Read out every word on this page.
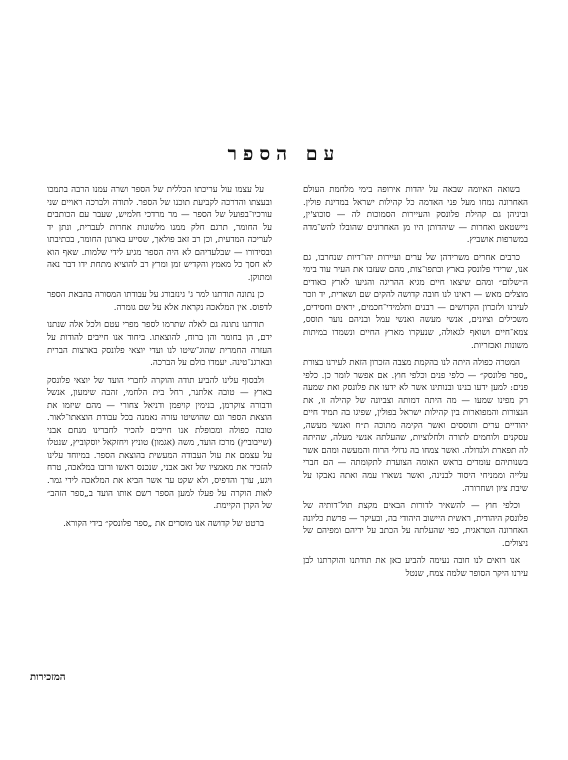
עם הספר

בשואה האיומה שבאה על יהדות אירופה בימי מלחמת העולם האחרונה נמחו מעל פני האדמה כל קהילות ישראל במדינת פולין. וביניהן גם קהילת פלונסק והעיירות הסמוכות לה — סוכוצ'ין, ניישטאט ואחרות — שיהדותן היו מן האחרונים שהובלו להש־מדה במשרפות אושביץ.

כרבים אחרים משרידהן של ערים ועיירות יהו־דיות שנחרבו, גם אנו, שרידי פלונסק בארץ ובתפו־צות, מהם שעזבו את העיר עוד בימי ה״שלום״ ומהם שיצאו חיים מגיא ההריגה והגיעו לארץ כאודים מוצלים מאש — ראינו לנו חובה קדושה להקים שם ושארית, יד וזכר לעירנו ולזכרון הקדושים — רבנים ותלמידי־חכמים, יראים וחסידים, משכילים וציונים, אנשי מעשה ואנשי עמל ובניהם נוער תוסס, צמא־חיים ושואף לגאולה, שנעקרו מארץ החיים ונשמדו במיתות משונות ואכזריות.

המטרה כפולה היתה לנו בהקמת מצבה הזכרון הזאת לעירנו בצורת „ספר פלונסק״ — כלפי פנים וכלפי חוץ. אם אפשר לומר כן. כלפי פנים: למען ידעו בנינו ובנותינו אשר לא ידעו את פלונסק ואת שמעה רק מפינו שמעו — מה היתה דמותה וצביונה של קהילה זו, את הנצורות והמפוארות בין קהילות ישראל בפולין, שפיגו בה תמיד חיים יהודיים ערים ותוססים ואשר הקימה מתוכה ת״ח ואנשי מעשה, עסקנים ולוחמים לתורה ולחלוציות, שהעלתה אנשי מעלה, שהיתה לה תפארת ולגדולה. ואשר צמחו בה גדולי הרוח והמעשה ומהם אשר בשנותיהם עומדים בראש האומה הצועדת לתקומתה — הם חברי עלייה וממניחי היסוד לבנינה, ואשר נשארו עמה ואתה נאבקו על שיבת ציון ושחרורה.

וכלפי חוץ — להשאיר לדורות הבאים מקצת תול־דותיה של פלונסק היהודית, ראשית היישוב היהודי בה, ובעיקר — פרשת כליונה האחרונה הטראגית, כפי שהעלתה על הכתב על ידיהם ומפיהם של ניצולים.

אנו רואים לנו חובה נעימה להביע כאן את תודתנו והוקרתנו לבן עירנו היקר הסופר שלמה צמח, שנטל

על עצמו עול עריכתו הכללית של הספר ושרה עמנו הרבה בתמכו ובעצתו והדרכה לקביעת תוכנו של הספר. לתודה ולברכה ראויים שני עורכיו־בפועל של הספר — מר מרדכי חלמיש, שעבר עם הכותבים על החומר, תרגם חלק ממנו מלשונות אחרות לעברית, ונתן יד לעריכה המדעית, וכן רב זאב פולאך, שסייע בארגון החומר, בכתיבתו ובסידורו — שבלעדיהם לא היה הספר מגיע לידי שלמות. שאף הוא לא חסך כל מאמץ והקדיש זמן ומרץ רב להוציא מתחת ידו דבר נאה ומתוקן.

כן נתונה תודתנו למר ג' גינזבורג על עבודתו המסורה בהבאת הספר לדפוס. אין המלאכה נקראת אלא על שם גומרה.

תודתנו נתונה גם לאלה שתרמו לספר מפרי עטם ולכל אלה שנתנו ידם, הן בחומר והן ברוח, להוצאתו. ביחוד אנו חייבים להודות על העזרה החמרית שהוג־שיטו לנו ועדי יוצאי פלונסק בארצות הברית ובארגנ־טינה. יעמדו כולם על הברכה.

ולבסוף עלינו להביע תודה והוקרה לחברי הועד של יוצאי פלונסק בארץ — טובה אלתנר, רחל בית הלחמי, זהבה שימעון, אנשל ודבורה צוקרמן, בנימין קויפמן ודניאל צחורי — מהם שיזמו את הוצאת הספר וגם שהושיטו עזרה נאמנה בכל עבודת הוצאתו־לאור. טובה כפולה ומכופלת אנו חייבים להכיר לחברינו מנחם אבני (שייבוביץ) מרכז הועד, משה (אגמון) טוניץ ויחזקאל יוסקוביץ, שנטלו על עצמם את עול העבודה המעשית בהוצאת הספר. במיוחד עלינו להזכיר את מאמציו של זאב אבני, שנכנס ראשו ורובו במלאכה, טרח ויגע, ערך והדפיס, ולא שקט עד אשר הביא את המלאכה לידי גמר. לאות הוקרה על פעלו למען הספר רשם אותו הועד ב„ספר הזהב״ של הקרן הקיימת.

ברטט של קדושה אנו מוסרים את „ספר פלונסק״ בידי הקורא.

המזכירות
